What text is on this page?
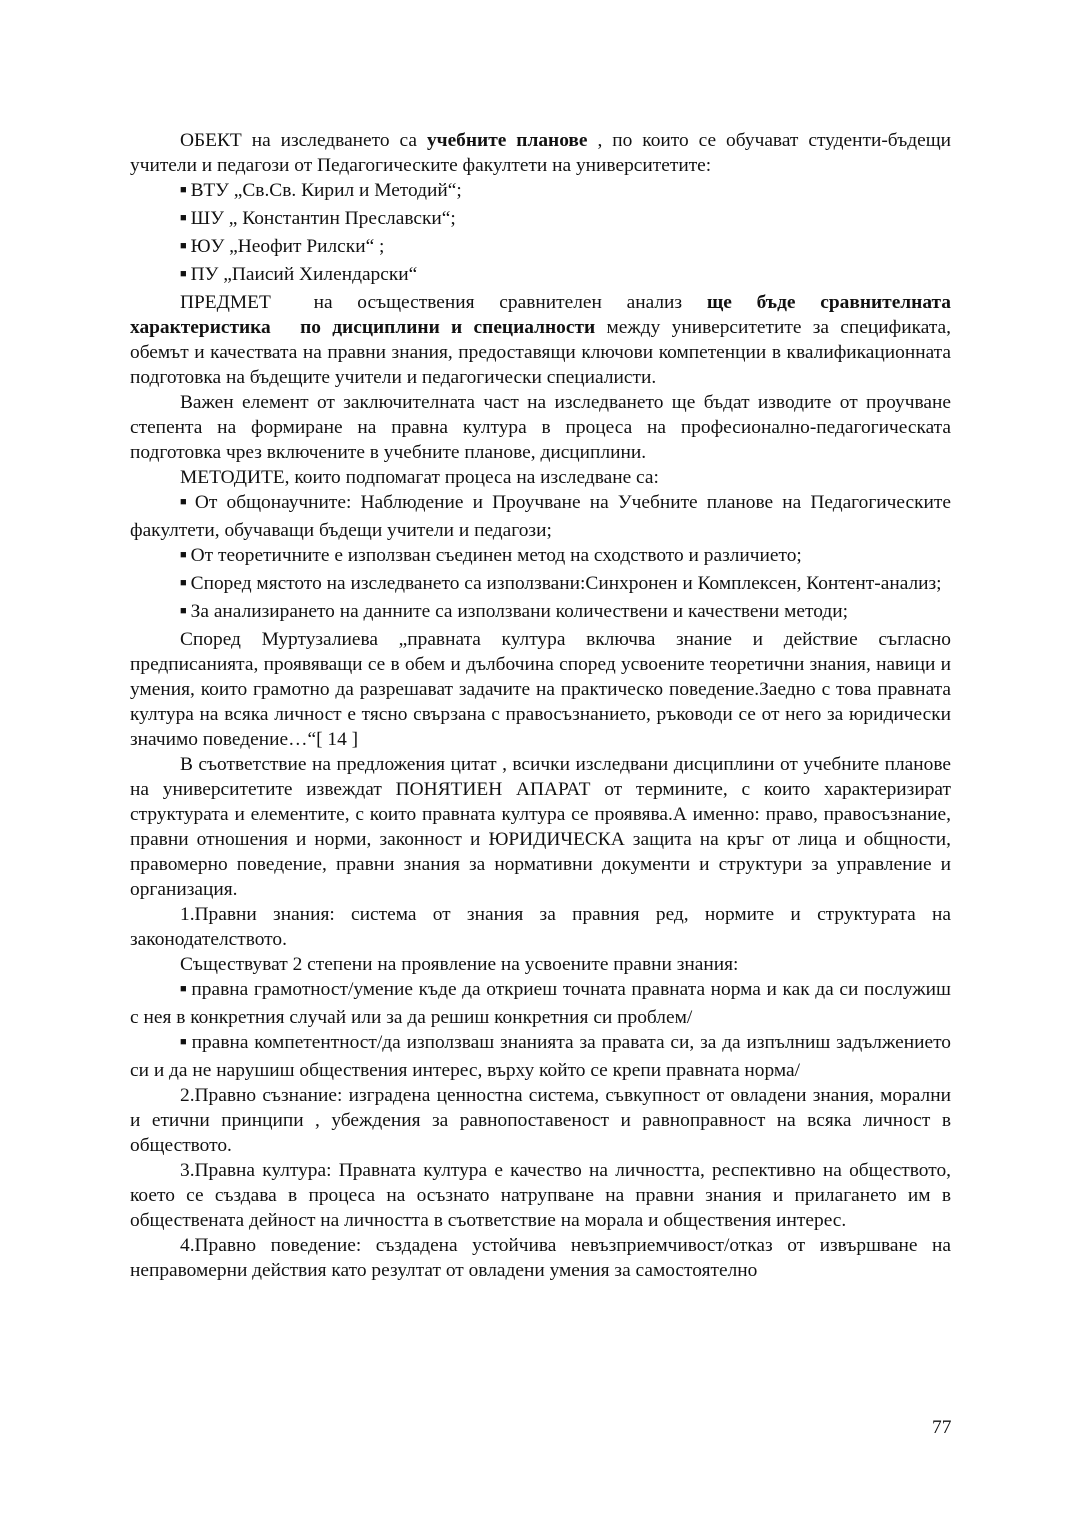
ОБЕКТ на изследването са учебните планове , по които се обучават студенти-бъдещи учители и педагози от Педагогическите факултети на университетите:

■ ВТУ „Св.Св. Кирил и Методий“;

■ ШУ „ Константин Преславски“;

■ ЮУ „Неофит Рилски“ ;

■ ПУ „Паисий Хилендарски“

ПРЕДМЕТ на осъществения сравнителен анализ ще бъде сравнителната характеристика по дисциплини и специалности между университетите за спецификата, обемът и качествата на правни знания, предоставящи ключови компетенции в квалификационната подготовка на бъдещите учители и педагогически специалисти.

Важен елемент от заключителната част на изследването ще бъдат изводите от проучване степента на формиране на правна култура в процеса на професионално-педагогическата подготовка чрез включените в учебните планове, дисциплини.

МЕТОДИТЕ, които подпомагат процеса на изследване са:

■ От общонаучните: Наблюдение и Проучване на Учебните планове на Педагогическите факултети, обучаващи бъдещи учители и педагози;

■ От теоретичните е използван съединен метод на сходството и различието;

■ Според мястото на изследването са използвани:Синхронен и Комплексен, Контент-анализ;

■ За анализирането на данните са използвани количествени и качествени методи;

Според Муртузалиева „правната култура включва знание и действие съгласно предписанията, проявяващи се в обем и дълбочина според усвоените теоретични знания, навици и умения, които грамотно да разрешават задачите на практическо поведение.Заедно с това правната култура на всяка личност е тясно свързана с правосъзнанието, ръководи се от него за юридически значимо поведение…“[ 14 ]

В съответствие на предложения цитат , всички изследвани дисциплини от учебните планове на университетите извеждат ПОНЯТИЕН АПАРАТ от термините, с които характеризират структурата и елементите, с които правната култура се проявява.А именно: право, правосъзнание, правни отношения и норми, законност и ЮРИДИЧЕСКА защита на кръг от лица и общности, правомерно поведение, правни знания за нормативни документи и структури за управление и организация.

1.Правни знания: система от знания за правния ред, нормите и структурата на законодателството.

Съществуват 2 степени на проявление на усвоените правни знания:

■ правна грамотност/умение къде да откриеш точната правната норма и как да си послужиш с нея в конкретния случай или за да решиш конкретния си проблем/

■ правна компетентност/да използваш знанията за правата си, за да изпълниш задължението си и да не нарушиш обществения интерес, върху който се крепи правната норма/

2.Правно съзнание: изградена ценностна система, съвкупност от овладени знания, морални и етични принципи , убеждения за равнопоставеност и равноправност на всяка личност в обществото.

3.Правна култура: Правната култура е качество на личността, респективно на обществото, което се създава в процеса на осъзнато натрупване на правни знания и прилагането им в обществената дейност на личността в съответствие на морала и обществения интерес.

4.Правно поведение: създадена устойчива невъзприемчивост/отказ от извършване на неправомерни действия като резултат от овладени умения за самостоятелно

77
